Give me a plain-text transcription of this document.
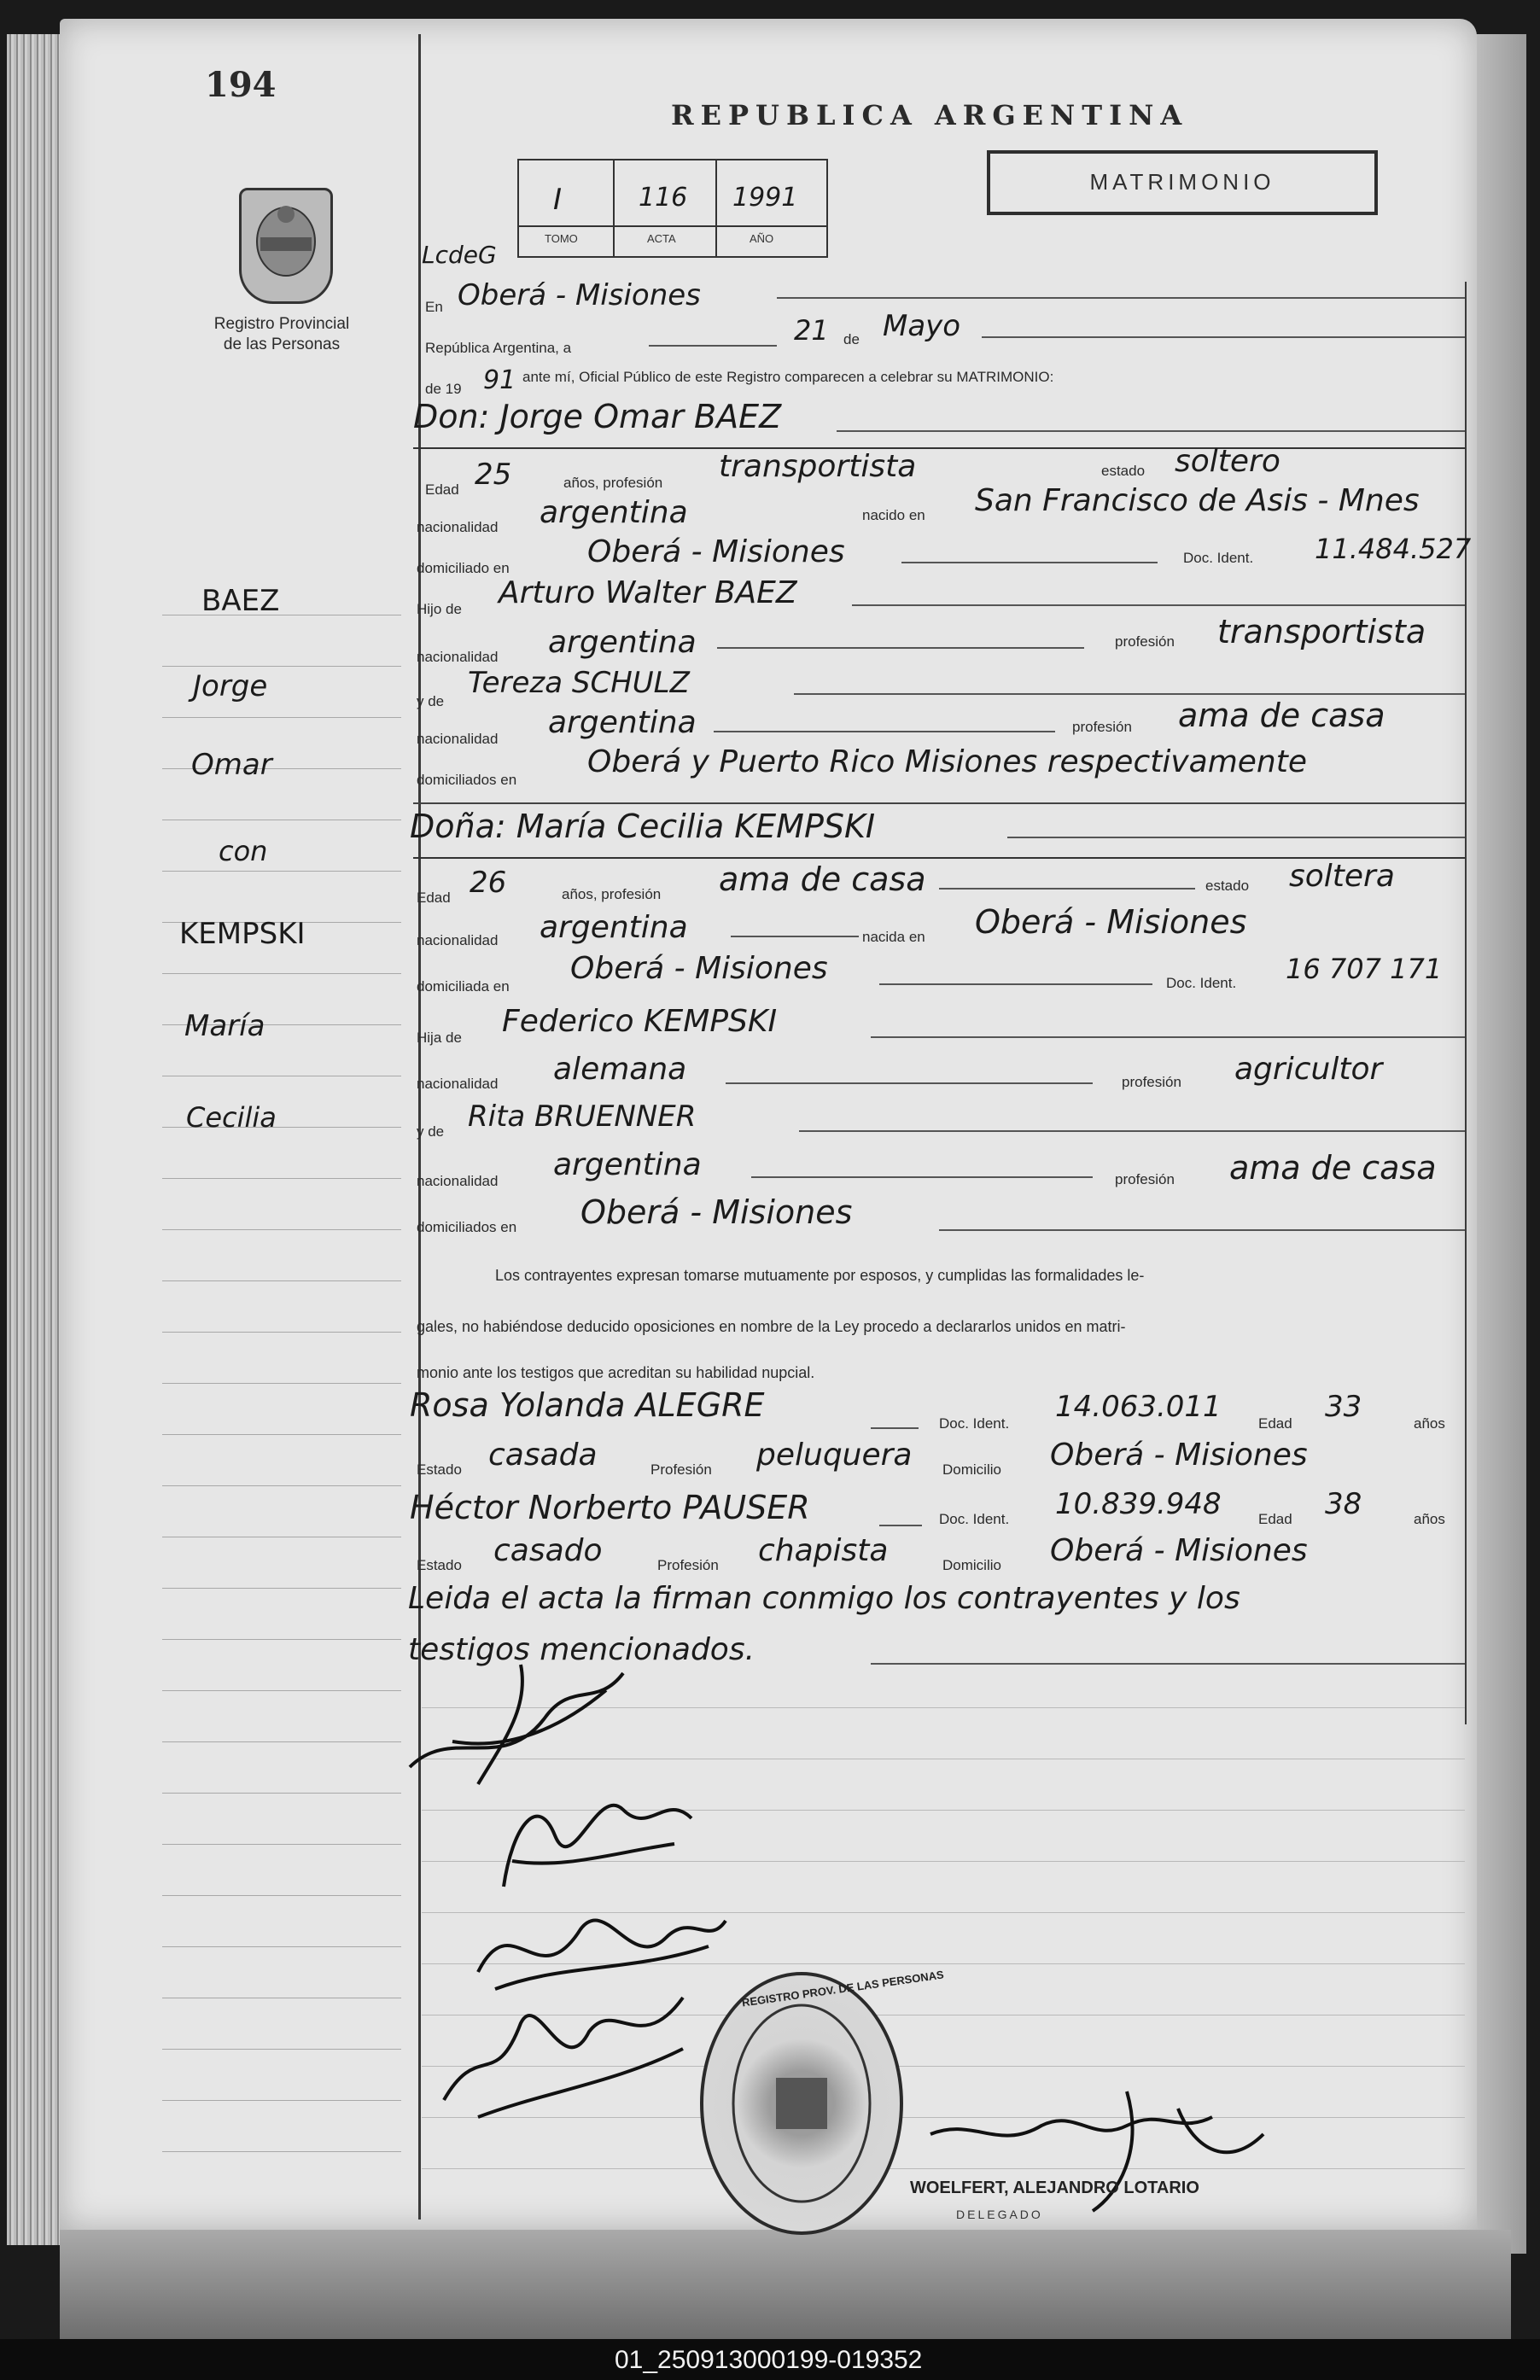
194
REPUBLICA ARGENTINA
MATRIMONIO
Registro Provincial
de las Personas
LcdeG
I	116 1991
TOMO	ACTA	AÑO
En Oberá - Misiones
República Argentina, a
21 de Mayo
de 19 91 ante mí, Oficial Público de este Registro comparecen a celebrar su MATRIMONIO:
Don: Jorge Omar BAEZ
Edad 25	años, profesión transportista	estado soltero
nacionalidad argentina	nacido en San Francisco de Asis - Mnes
domiciliado en	Oberá - Misiones	Doc. Ident. 11.484.527
Hijo de Arturo Walter BAEZ
nacionalidad argentina	profesión transportista
y de
Tereza SCHULZ
nacionalidad argentina	profesión ama de casa
domiciliados en
Oberá y Puerto Rico Misiones respectivamente
Doña: María Cecilia KEMPSKI
Edad 26	años, profesión ama de casa	estado soltera
nacionalidad argentina	nacida en Oberá - Misiones
domiciliada en
Oberá - Misiones	Doc. Ident. 16 707 171
Hija de Federico KEMPSKI
nacionalidad alemana	profesión agricultor
y de Rita BRUENNER
nacionalidad argentina	profesión ama de casa
domiciliados en Oberá - Misiones
Los contrayentes expresan tomarse mutuamente por esposos, y cumplidas las formalidades le-
gales, no habiéndose deducido oposiciones en nombre de la Ley procedo a declararlos unidos en matri-
monio ante los testigos que acreditan su habilidad nupcial.
Rosa Yolanda ALEGRE	Doc. Ident. 14.063.011	Edad 33	años
Estado casada	Profesión peluquera Domicilio Oberá - Misiones
Héctor Norberto PAUSER	Doc. Ident. 10.839.948	Edad 38	años
Estado casado	Profesión chapista	Domicilio Oberá - Misiones
Leida el acta la firman conmigo los contrayentes y los
testigos mencionados.
BAEZ
Jorge
Omar
con
KEMPSKI
María
Cecilia
REGISTRO PROV. DE LAS PERSONAS
WOELFERT, ALEJANDRO LOTARIO
DELEGADO
01_250913000199-019352
